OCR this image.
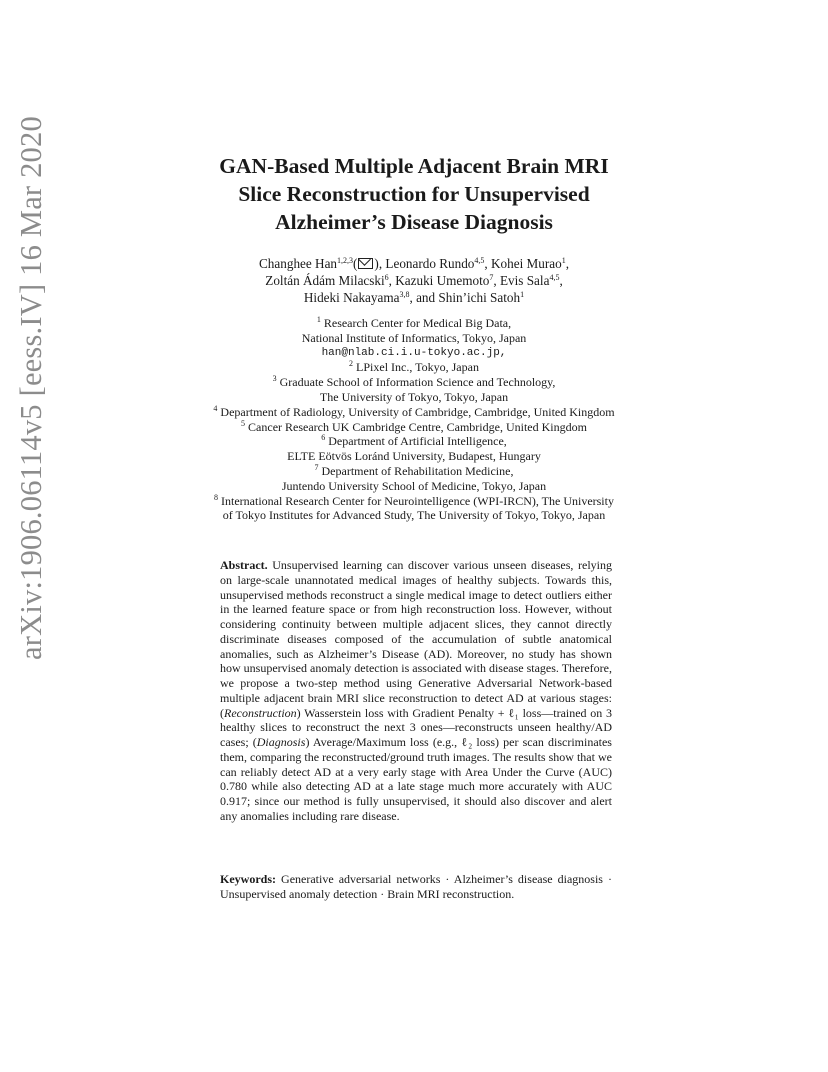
arXiv:1906.06114v5 [eess.IV] 16 Mar 2020	GAN-Based Multiple Adjacent Brain MRI
Slice Reconstruction for Unsupervised
Alzheimer’s Disease Diagnosis
Changhee Han$^{1,2,3}$( ), Leonardo Rundo$^{4,5}$, Kohei Murao$^1$,
Zoltán Ádám Milacski$^6$, Kazuki Umemoto$^7$, Evis Sala$^{4,5}$,
Hideki Nakayama$^{3,8}$, and Shin’ichi Satoh$^1$
$^1$ Research Center for Medical Big Data,
National Institute of Informatics, Tokyo, Japan
han@nlab.ci.i.u-tokyo.ac.jp,
$^2$ LPixel Inc., Tokyo, Japan
$^3$ Graduate School of Information Science and Technology,
The University of Tokyo, Tokyo, Japan
$^4$ Department of Radiology, University of Cambridge, Cambridge, United Kingdom
$^5$ Cancer Research UK Cambridge Centre, Cambridge, United Kingdom
$^6$ Department of Artificial Intelligence,
ELTE Eötvös Loránd University, Budapest, Hungary
$^7$ Department of Rehabilitation Medicine,
Juntendo University School of Medicine, Tokyo, Japan
$^8$ International Research Center for Neurointelligence (WPI-IRCN), The University
of Tokyo Institutes for Advanced Study, The University of Tokyo, Tokyo, Japan
Abstract. Unsupervised learning can discover various unseen diseases, relying on large-scale unannotated medical images of healthy subjects. Towards this, unsupervised methods reconstruct a single medical image to detect outliers either in the learned feature space or from high reconstruction loss. However, without considering continuity between multiple adjacent slices, they cannot directly discriminate diseases composed of the accumulation of subtle anatomical anomalies, such as Alzheimer’s Disease (AD). Moreover, no study has shown how unsupervised anomaly detection is associated with disease stages. Therefore, we propose a two-step method using Generative Adversarial Network-based multiple adjacent brain MRI slice reconstruction to detect AD at various stages: (Reconstruction) Wasserstein loss with Gradient Penalty + ℓ₁ loss—trained on 3 healthy slices to reconstruct the next 3 ones—reconstructs unseen healthy/AD cases; (Diagnosis) Average/Maximum loss (e.g., ℓ₂ loss) per scan discriminates them, comparing the reconstructed/ground truth images. The results show that we can reliably detect AD at a very early stage with Area Under the Curve (AUC) 0.780 while also detecting AD at a late stage much more accurately with AUC 0.917; since our method is fully unsupervised, it should also discover and alert any anomalies including rare disease.
Keywords: Generative adversarial networks · Alzheimer’s disease diagnosis · Unsupervised anomaly detection · Brain MRI reconstruction.
